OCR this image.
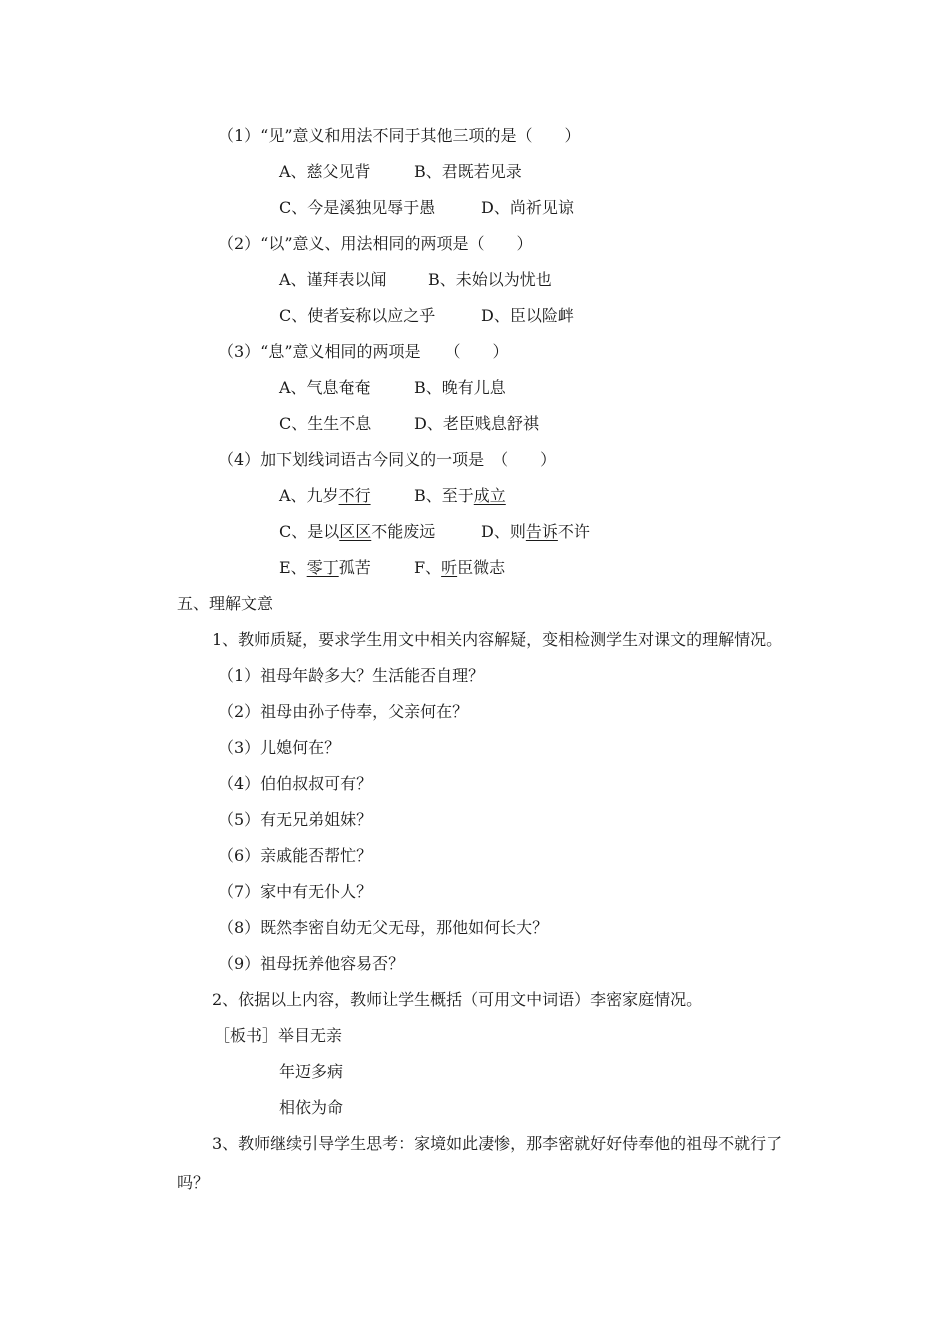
（1）“见”意义和用法不同于其他三项的是（　　）
A、慈父见背	B、君既若见录
C、今是溪独见辱于愚	D、尚祈见谅
（2）“以”意义、用法相同的两项是（　　）
A、谨拜表以闻	B、未始以为忧也
C、使者妄称以应之乎	D、臣以险衅
（3）“息”意义相同的两项是　　（　　）
A、气息奄奄	B、晚有儿息
C、生生不息	D、老臣贱息舒祺
（4）加下划线词语古今同义的一项是　（　　）
A、九岁不行	B、至于成立
C、是以区区不能废远	D、则告诉不许
E、零丁孤苦	F、听臣微志
五、理解文意
1、教师质疑，要求学生用文中相关内容解疑，变相检测学生对课文的理解情况。
（1）祖母年龄多大？生活能否自理？
（2）祖母由孙子侍奉，父亲何在？
（3）儿媳何在？
（4）伯伯叔叔可有？
（5）有无兄弟姐妹？
（6）亲戚能否帮忙？
（7）家中有无仆人？
（8）既然李密自幼无父无母，那他如何长大？
（9）祖母抚养他容易否？
2、依据以上内容，教师让学生概括（可用文中词语）李密家庭情况。
［板书］举目无亲
年迈多病
相依为命
3、教师继续引导学生思考：家境如此凄惨，那李密就好好侍奉他的祖母不就行了
吗？
